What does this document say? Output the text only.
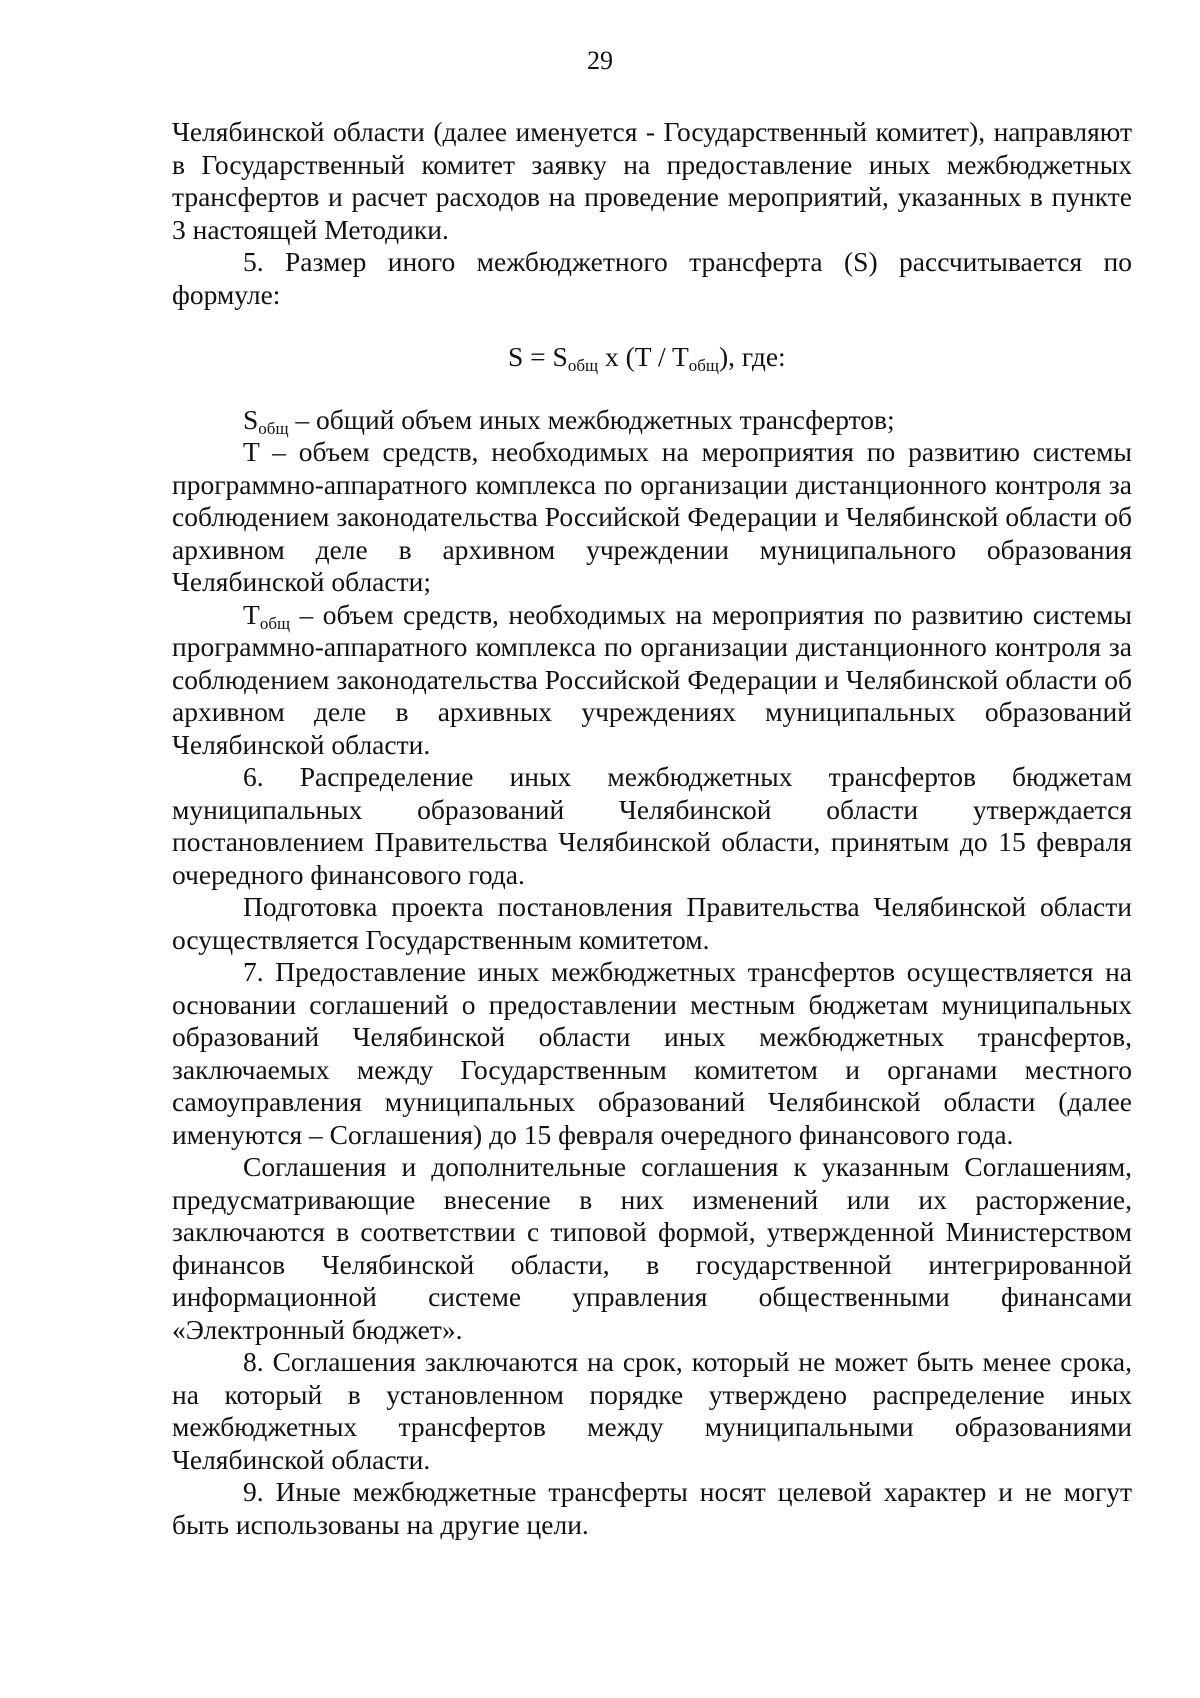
29

Челябинской области (далее именуется - Государственный комитет), направляют в Государственный комитет заявку на предоставление иных межбюджетных трансфертов и расчет расходов на проведение мероприятий, указанных в пункте 3 настоящей Методики.

5. Размер иного межбюджетного трансферта (S) рассчитывается по формуле:

$S = S_{общ}$ x $(T / T_{общ})$, где:

$S_{общ}$ – общий объем иных межбюджетных трансфертов;

T – объем средств, необходимых на мероприятия по развитию системы программно-аппаратного комплекса по организации дистанционного контроля за соблюдением законодательства Российской Федерации и Челябинской области об архивном деле в архивном учреждении муниципального образования Челябинской области;

$T_{общ}$ – объем средств, необходимых на мероприятия по развитию системы программно-аппаратного комплекса по организации дистанционного контроля за соблюдением законодательства Российской Федерации и Челябинской области об архивном деле в архивных учреждениях муниципальных образований Челябинской области.

6. Распределение иных межбюджетных трансфертов бюджетам муниципальных образований Челябинской области утверждается постановлением Правительства Челябинской области, принятым до 15 февраля очередного финансового года.

Подготовка проекта постановления Правительства Челябинской области осуществляется Государственным комитетом.

7. Предоставление иных межбюджетных трансфертов осуществляется на основании соглашений о предоставлении местным бюджетам муниципальных образований Челябинской области иных межбюджетных трансфертов, заключаемых между Государственным комитетом и органами местного самоуправления муниципальных образований Челябинской области (далее именуются – Соглашения) до 15 февраля очередного финансового года.

Соглашения и дополнительные соглашения к указанным Соглашениям, предусматривающие внесение в них изменений или их расторжение, заключаются в соответствии с типовой формой, утвержденной Министерством финансов Челябинской области, в государственной интегрированной информационной системе управления общественными финансами «Электронный бюджет».

8. Соглашения заключаются на срок, который не может быть менее срока, на который в установленном порядке утверждено распределение иных межбюджетных трансфертов между муниципальными образованиями Челябинской области.

9. Иные межбюджетные трансферты носят целевой характер и не могут быть использованы на другие цели.
